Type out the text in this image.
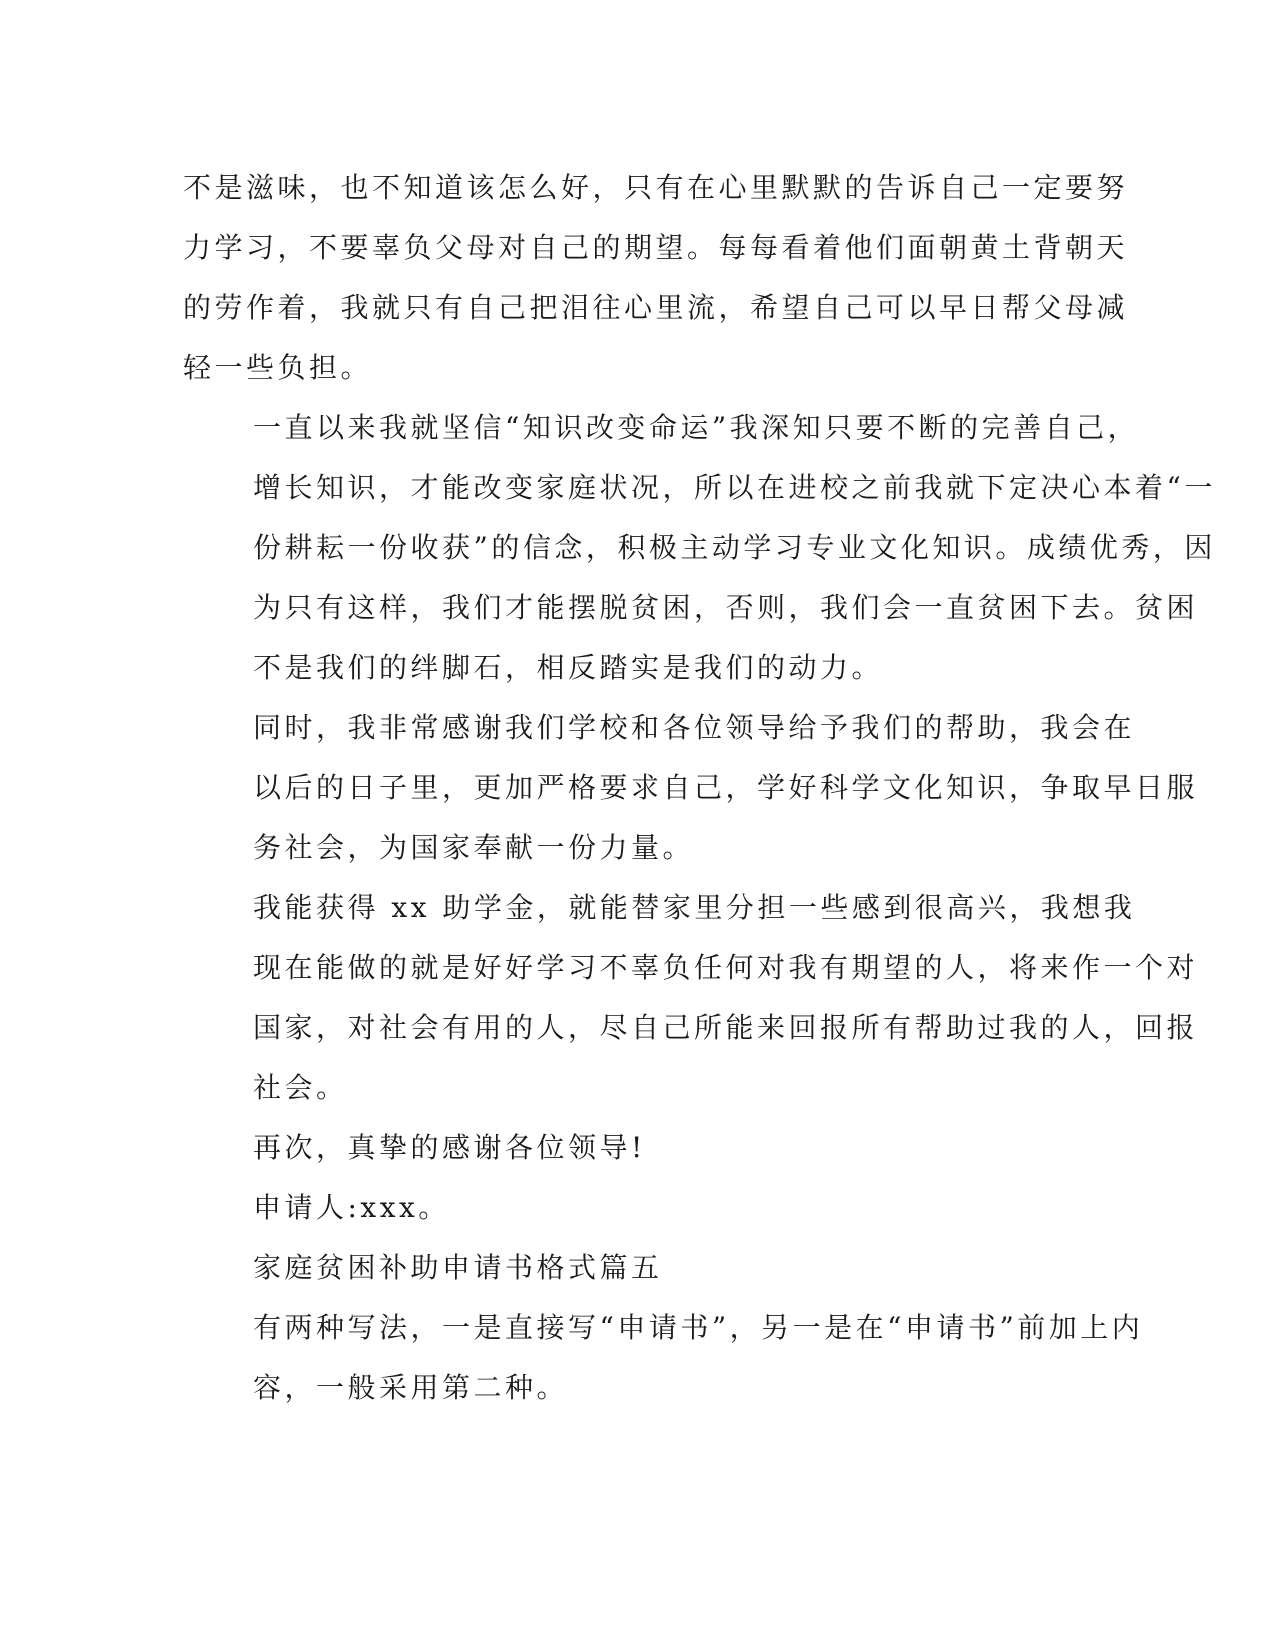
不是滋味，也不知道该怎么好，只有在心里默默的告诉自己一定要努
力学习，不要辜负父母对自己的期望。每每看着他们面朝黄土背朝天
的劳作着，我就只有自己把泪往心里流，希望自己可以早日帮父母减
轻一些负担。

一直以来我就坚信“知识改变命运”我深知只要不断的完善自己，
增长知识，才能改变家庭状况，所以在进校之前我就下定决心本着“一
份耕耘一份收获”的信念，积极主动学习专业文化知识。成绩优秀，因
为只有这样，我们才能摆脱贫困，否则，我们会一直贫困下去。贫困
不是我们的绊脚石，相反踏实是我们的动力。

同时，我非常感谢我们学校和各位领导给予我们的帮助，我会在
以后的日子里，更加严格要求自己，学好科学文化知识，争取早日服
务社会，为国家奉献一份力量。

我能获得 xx 助学金，就能替家里分担一些感到很高兴，我想我
现在能做的就是好好学习不辜负任何对我有期望的人，将来作一个对
国家，对社会有用的人，尽自己所能来回报所有帮助过我的人，回报
社会。

再次，真挚的感谢各位领导!

申请人:xxx。

家庭贫困补助申请书格式篇五

有两种写法，一是直接写“申请书”，另一是在“申请书”前加上内
容，一般采用第二种。
